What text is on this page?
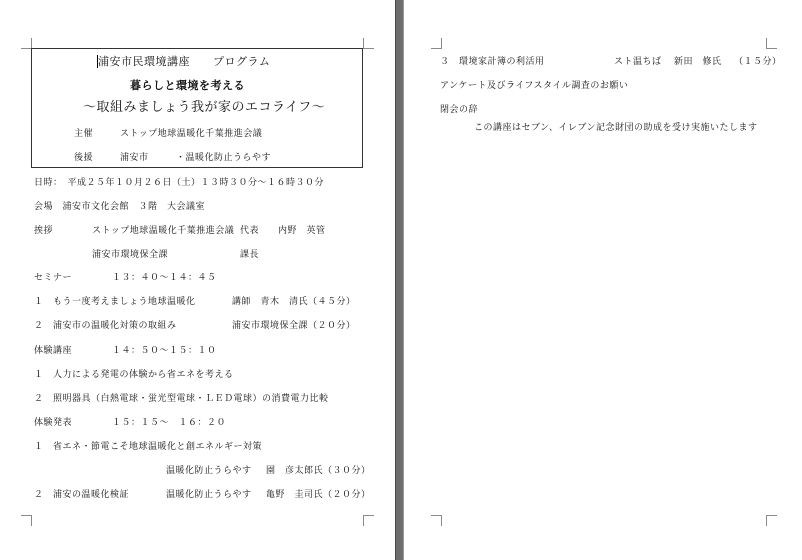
浦安市民環境講座　　プログラム
暮らしと環境を考える
～取組みましょう我が家のエコライフ～
主催	ストップ地球温暖化千葉推進会議
後援	浦安市	・温暖化防止うらやす
日時：　平成２５年１０月２６日（土）１３時３０分～１６時３０分
会場　浦安市文化会館　３階　大会議室
挨拶	ストップ地球温暖化千葉推進会議 代表 内野　英管
浦安市環境保全課	課長
セミナー	１３：４０～１４：４５
１　もう一度考えましょう地球温暖化	講師　青木　清氏（４５分）
２　浦安市の温暖化対策の取組み	浦安市環境保全課（２０分）
体験講座	１４：５０～１５：１０
１　人力による発電の体験から省エネを考える
２　照明器具（白熱電球・蛍光型電球・ＬＥＤ電球）の消費電力比較
体験発表	１５：１５～　１６：２０
１　省エネ・節電こそ地球温暖化と創エネルギー対策
温暖化防止うらやす 園　彦太郎氏（３０分）
２　浦安の温暖化検証	温暖化防止うらやす 亀野　圭司氏（２０分）
３　環境家計簿の利活用	スト温ちば 新田　修氏 （１５分）
アンケート及びライフスタイル調査のお願い
閉会の辞
この講座はセブン、イレブン記念財団の助成を受け実施いたします
